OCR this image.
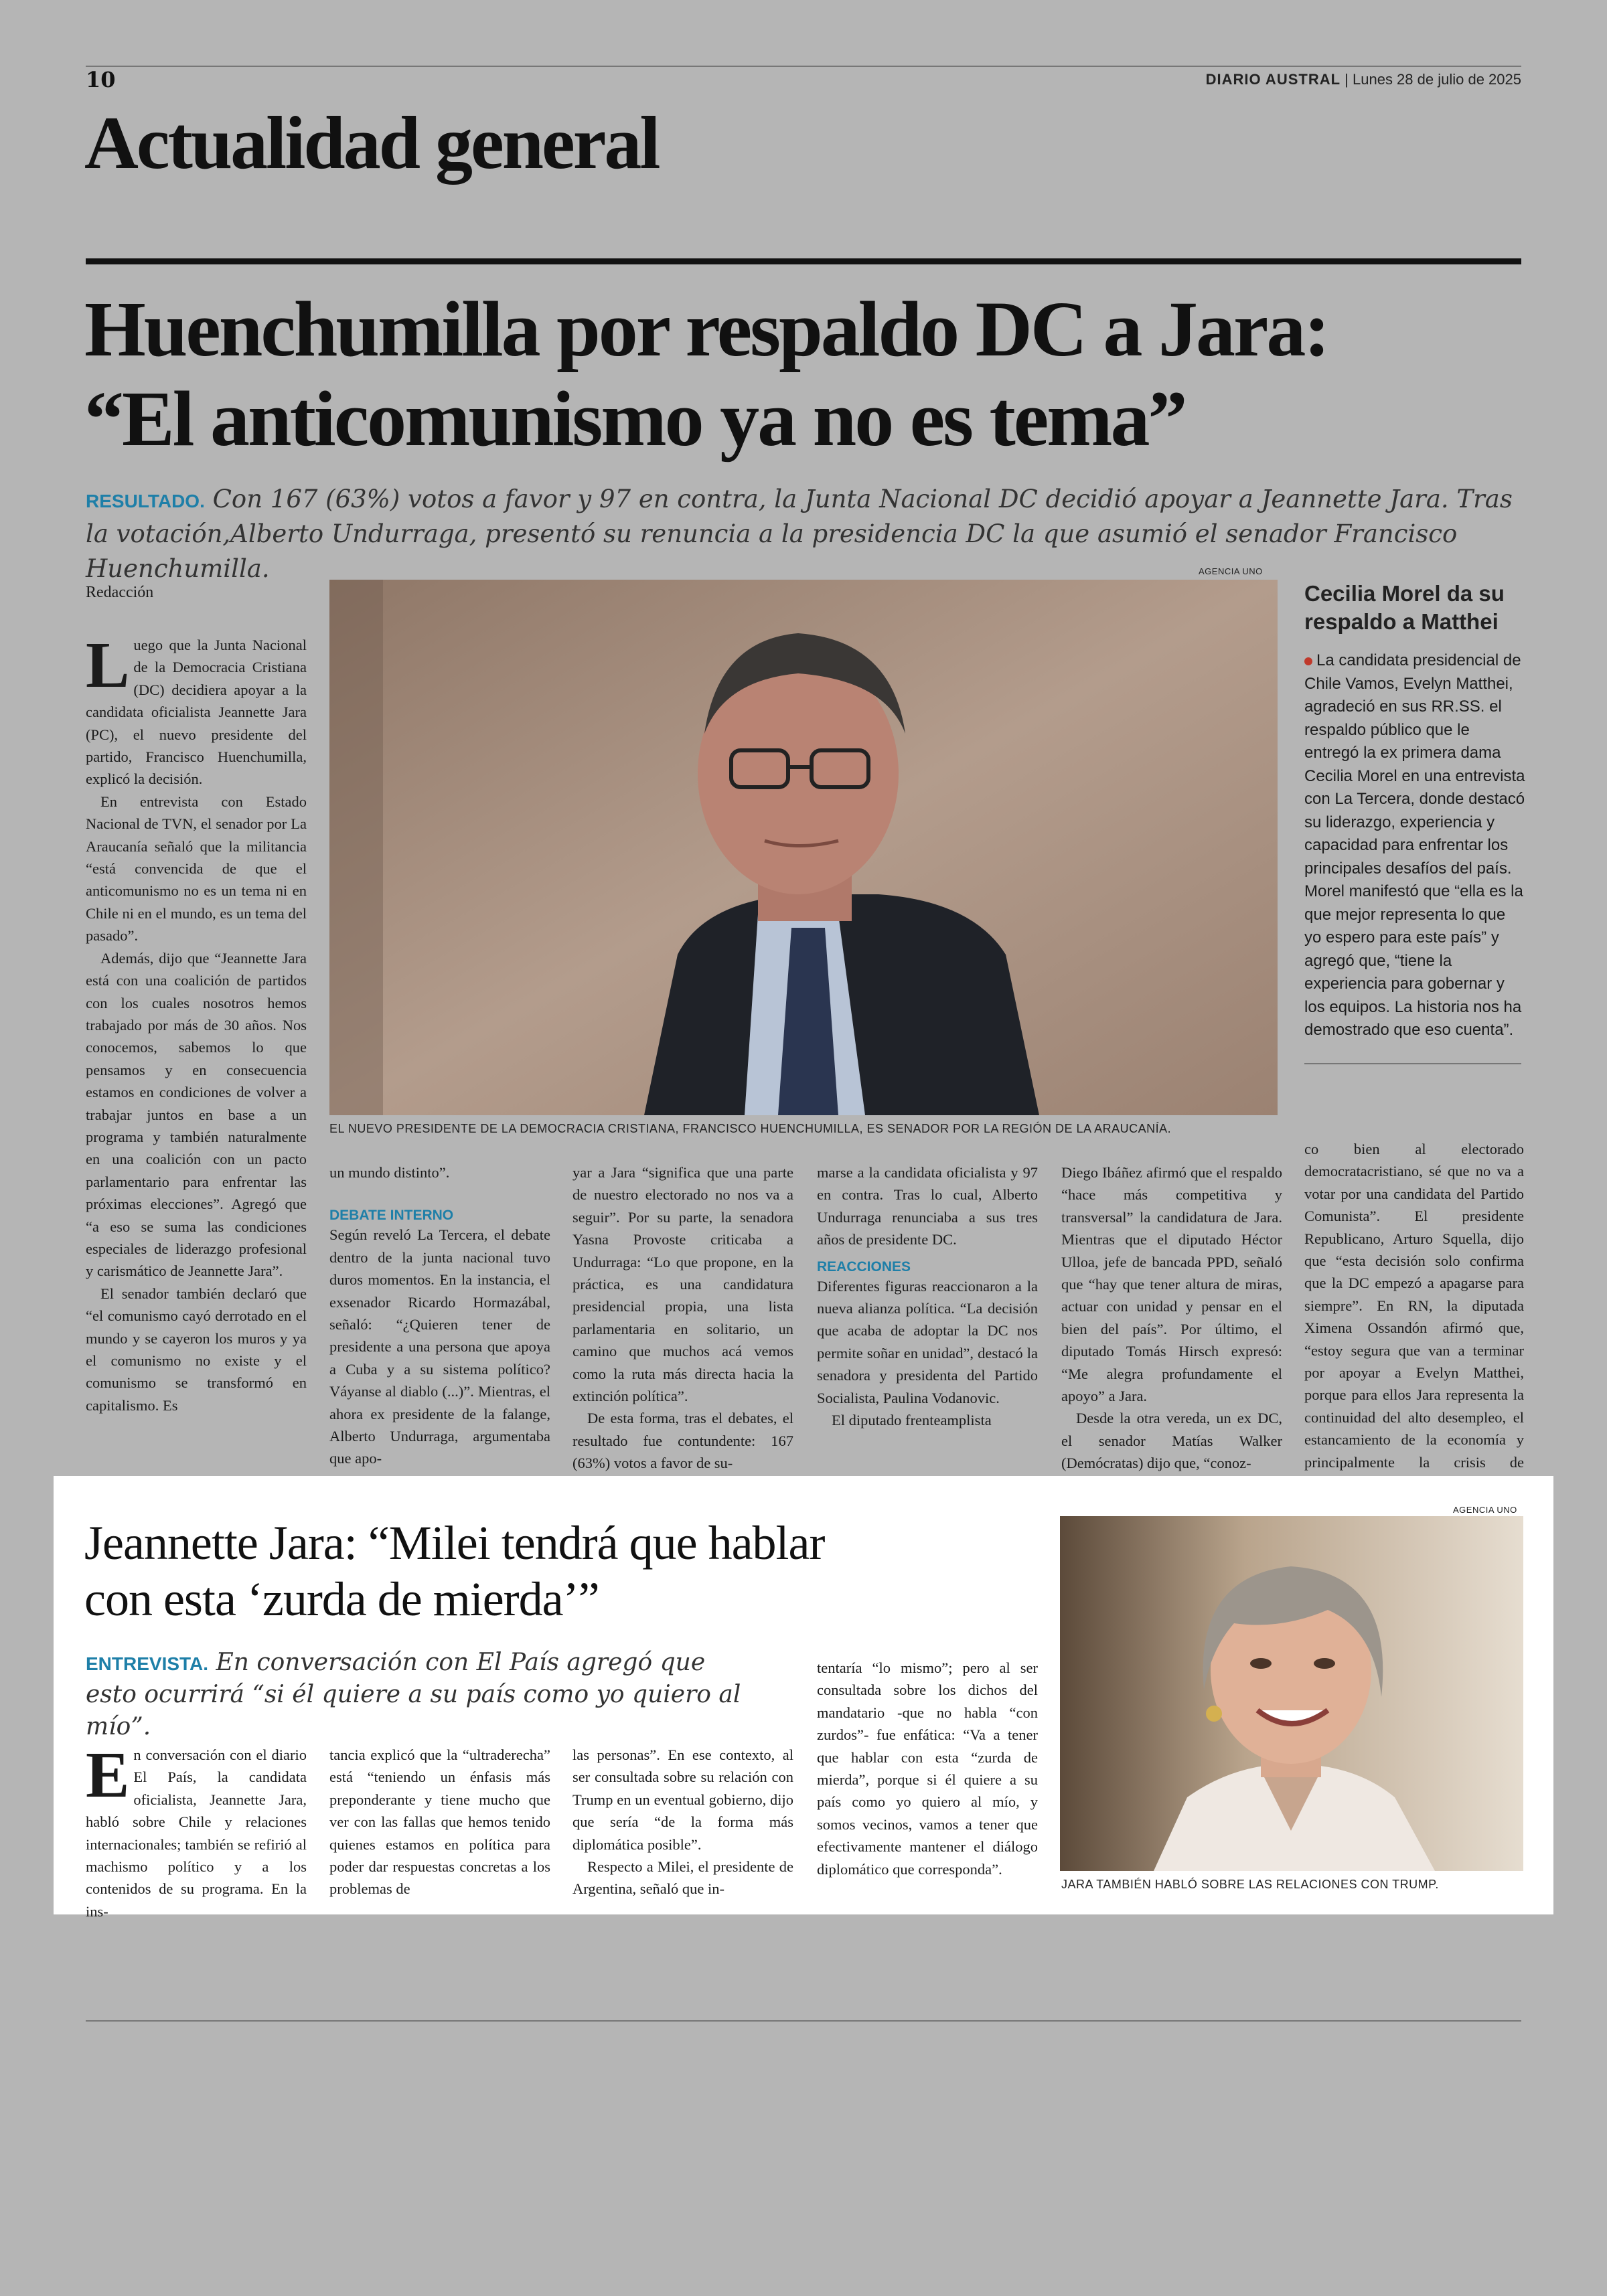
10	DIARIO AUSTRAL | Lunes 28 de julio de 2025
Actualidad general
Huenchumilla por respaldo DC a Jara:
“El anticomunismo ya no es tema”
RESULTADO. Con 167 (63%) votos a favor y 97 en contra, la Junta Nacional DC decidió apoyar a Jeannette Jara. Tras la votación,Alberto Undurraga, presentó su renuncia a la presidencia DC la que asumió el senador Francisco Huenchumilla.	AGENCIA UNO
EL NUEVO PRESIDENTE DE LA DEMOCRACIA CRISTIANA, FRANCISCO HUENCHUMILLA, ES SENADOR POR LA REGIÓN DE LA ARAUCANÍA.

Redacción

Luego que la Junta Nacional de la Democracia Cristiana (DC) decidiera apoyar a la candidata oficialista Jeannette Jara (PC), el nuevo presidente del partido, Francisco Huenchumilla, explicó la decisión.

En entrevista con Estado Nacional de TVN, el senador por La Araucanía señaló que la militancia “está convencida de que el anticomunismo no es un tema ni en Chile ni en el mundo, es un tema del pasado”.

Además, dijo que “Jeannette Jara está con una coalición de partidos con los cuales nosotros hemos trabajado por más de 30 años. Nos conocemos, sabemos lo que pensamos y en consecuencia estamos en condiciones de volver a trabajar juntos en base a un programa y también naturalmente en una coalición con un pacto parlamentario para enfrentar las próximas elecciones”. Agregó que “a eso se suma las condiciones especiales de liderazgo profesional y carismático de Jeannette Jara”.

El senador también declaró que “el comunismo cayó derrotado en el mundo y se cayeron los muros y ya el comunismo no existe y el comunismo se transformó en capitalismo. Es

un mundo distinto”.

DEBATE INTERNO

Según reveló La Tercera, el debate dentro de la junta nacional tuvo duros momentos. En la instancia, el exsenador Ricardo Hormazábal, señaló: “¿Quieren tener de presidente a una persona que apoya a Cuba y a su sistema político? Váyanse al diablo (...)”. Mientras, el ahora ex presidente de la falange, Alberto Undurraga, argumentaba que apo-

yar a Jara “significa que una parte de nuestro electorado no nos va a seguir”. Por su parte, la senadora Yasna Provoste criticaba a Undurraga: “Lo que propone, en la práctica, es una candidatura presidencial propia, una lista parlamentaria en solitario, un camino que muchos acá vemos como la ruta más directa hacia la extinción política”.

De esta forma, tras el debates, el resultado fue contundente: 167 (63%) votos a favor de su-

marse a la candidata oficialista y 97 en contra. Tras lo cual, Alberto Undurraga renunciaba a sus tres años de presidente DC.

REACCIONES

Diferentes figuras reaccionaron a la nueva alianza política. “La decisión que acaba de adoptar la DC nos permite soñar en unidad”, destacó la senadora y presidenta del Partido Socialista, Paulina Vodanovic.

El diputado frenteamplista

Diego Ibáñez afirmó que el respaldo “hace más competitiva y transversal” la candidatura de Jara. Mientras que el diputado Héctor Ulloa, jefe de bancada PPD, señaló que “hay que tener altura de miras, actuar con unidad y pensar en el bien del país”. Por último, el diputado Tomás Hirsch expresó: “Me alegra profundamente el apoyo” a Jara.

Desde la otra vereda, un ex DC, el senador Matías Walker (Demócratas) dijo que, “conoz-

Cecilia Morel da su respaldo a Matthei

La candidata presidencial de Chile Vamos, Evelyn Matthei, agradeció en sus RR.SS. el respaldo público que le entregó la ex primera dama Cecilia Morel en una entrevista con La Tercera, donde destacó su liderazgo, experiencia y capacidad para enfrentar los principales desafíos del país. Morel manifestó que “ella es la que mejor representa lo que yo espero para este país” y agregó que, “tiene la experiencia para gobernar y los equipos. La historia nos ha demostrado que eso cuenta”.

co bien al electorado democratacristiano, sé que no va a votar por una candidata del Partido Comunista”. El presidente Republicano, Arturo Squella, dijo que “esta decisión solo confirma que la DC empezó a apagarse para siempre”. En RN, la diputada Ximena Ossandón afirmó que, “estoy segura que van a terminar por apoyar a Evelyn Matthei, porque para ellos Jara representa la continuidad del alto desempleo, el estancamiento de la economía y principalmente la crisis de

Jeannette Jara: “Milei tendrá que hablar
con esta ‘zurda de mierda’”
ENTREVISTA. En conversación con El País agregó que esto ocurrirá “si él quiere a su país como yo quiero al mío”.

En conversación con el diario El País, la candidata oficialista, Jeannette Jara, habló sobre Chile y relaciones internacionales; también se refirió al machismo político y a los contenidos de su programa. En la ins-

tancia explicó que la “ultraderecha” está “teniendo un énfasis más preponderante y tiene mucho que ver con las fallas que hemos tenido quienes estamos en política para poder dar respuestas concretas a los problemas de

las personas”. En ese contexto, al ser consultada sobre su relación con Trump en un eventual gobierno, dijo que sería “de la forma más diplomática posible”.

Respecto a Milei, el presidente de Argentina, señaló que in-

tentaría “lo mismo”; pero al ser consultada sobre los dichos del mandatario -que no habla “con zurdos”- fue enfática: “Va a tener que hablar con esta “zurda de mierda”, porque si él quiere a su país como yo quiero al mío, y somos vecinos, vamos a tener que efectivamente mantener el diálogo diplomático que corresponda”.

AGENCIA UNO
JARA TAMBIÉN HABLÓ SOBRE LAS RELACIONES CON TRUMP.
